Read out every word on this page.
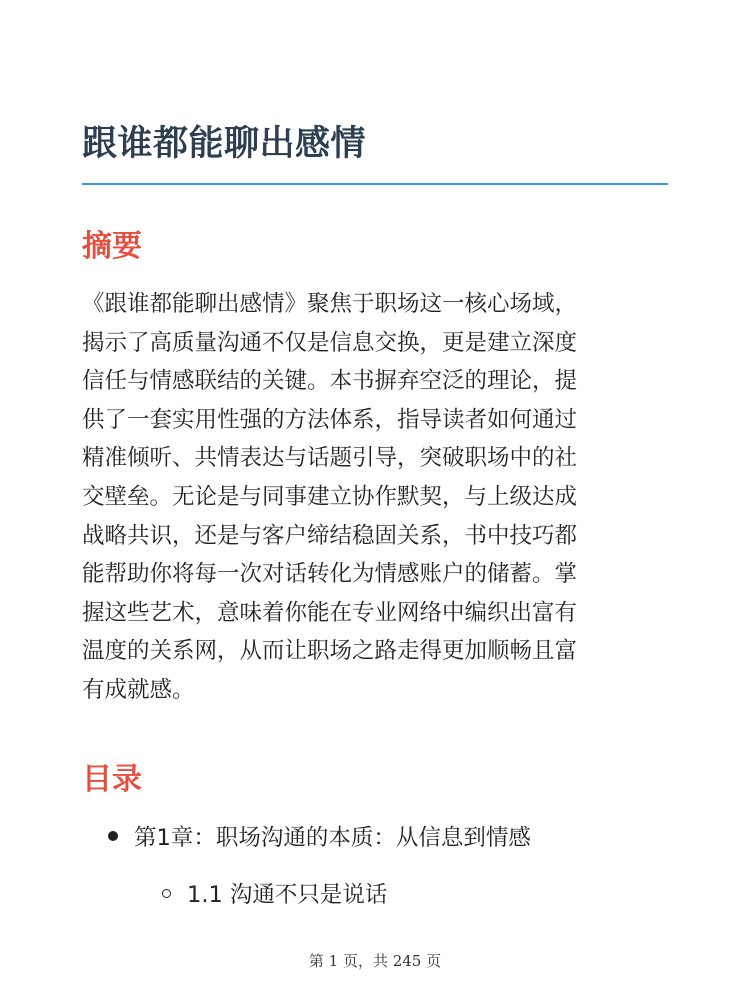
跟谁都能聊出感情
摘要

《跟谁都能聊出感情》聚焦于职场这一核心场域，
揭示了高质量沟通不仅是信息交换，更是建立深度
信任与情感联结的关键。本书摒弃空泛的理论，提
供了一套实用性强的方法体系，指导读者如何通过
精准倾听、共情表达与话题引导，突破职场中的社
交壁垒。无论是与同事建立协作默契，与上级达成
战略共识，还是与客户缔结稳固关系，书中技巧都
能帮助你将每一次对话转化为情感账户的储蓄。掌
握这些艺术，意味着你能在专业网络中编织出富有
温度的关系网，从而让职场之路走得更加顺畅且富
有成就感。

目录
第1章：职场沟通的本质：从信息到情感
1.1 沟通不只是说话
第 1 页，共 245 页
